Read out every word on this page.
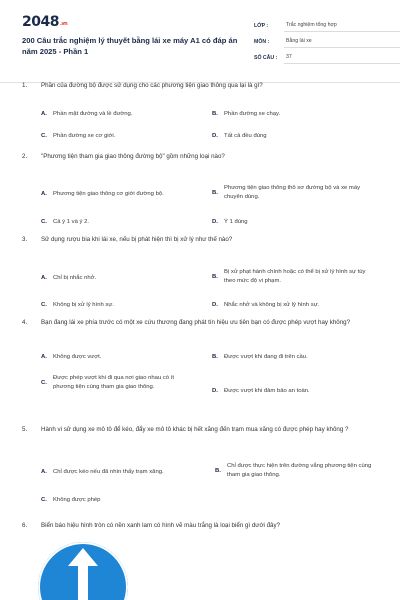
2048.vn
200 Câu trắc nghiệm lý thuyết bằng lái xe máy A1 có đáp án năm 2025 - Phần 1
LỚP :	Trắc nghiệm tổng hợp
MÔN :	Bằng lái xe
SỐ CÂU :	37
1.	Phần của đường bộ được sử dụng cho các phương tiện giao thông qua lại là gì?
A.	Phần mặt đường và lề đường.	B.	Phần đường xe chạy.
C.	Phần đường xe cơ giới.	D.	Tất cả đều đúng
2.	"Phương tiện tham gia giao thông đường bộ" gồm những loại nào?
A.	Phương tiện giao thông cơ giới đường bộ.	B.
Phương tiện giao thông thô sơ đường bộ và xe máy chuyên dùng.
C.	Cả ý 1 và ý 2.	D.	Ý 1 đúng
3.	Sử dụng rượu bia khi lái xe, nếu bị phát hiện thì bị xử lý như thế nào?
A.	Chỉ bị nhắc nhở.	B.
Bị xử phạt hành chính hoặc có thể bị xử lý hình sự tùy theo mức độ vi phạm.
C.	Không bị xử lý hình sự.	D.	Nhắc nhở và không bị xử lý hình sự.
4.	Bạn đang lái xe phía trước có một xe cứu thương đang phát tín hiệu ưu tiên bạn có được phép vượt hay không?
A.	Không được vượt.	B.	Được vượt khi đang đi trên cầu.
C.
Được phép vượt khi đi qua nơi giao nhau có ít phương tiện cùng tham gia giao thông.
D.	Được vượt khi đảm bảo an toàn.
5.	Hành vi sử dụng xe mô tô để kéo, đẩy xe mô tô khác bị hết xăng đến trạm mua xăng có được phép hay không ?
A.	Chỉ được kéo nếu đã nhìn thấy trạm xăng.	B.
Chỉ được thực hiện trên đường vắng phương tiện cùng tham gia giao thông.
C.	Không được phép
6.	Biển báo hiệu hình tròn có nền xanh lam có hình vẽ màu trắng là loại biển gì dưới đây?
